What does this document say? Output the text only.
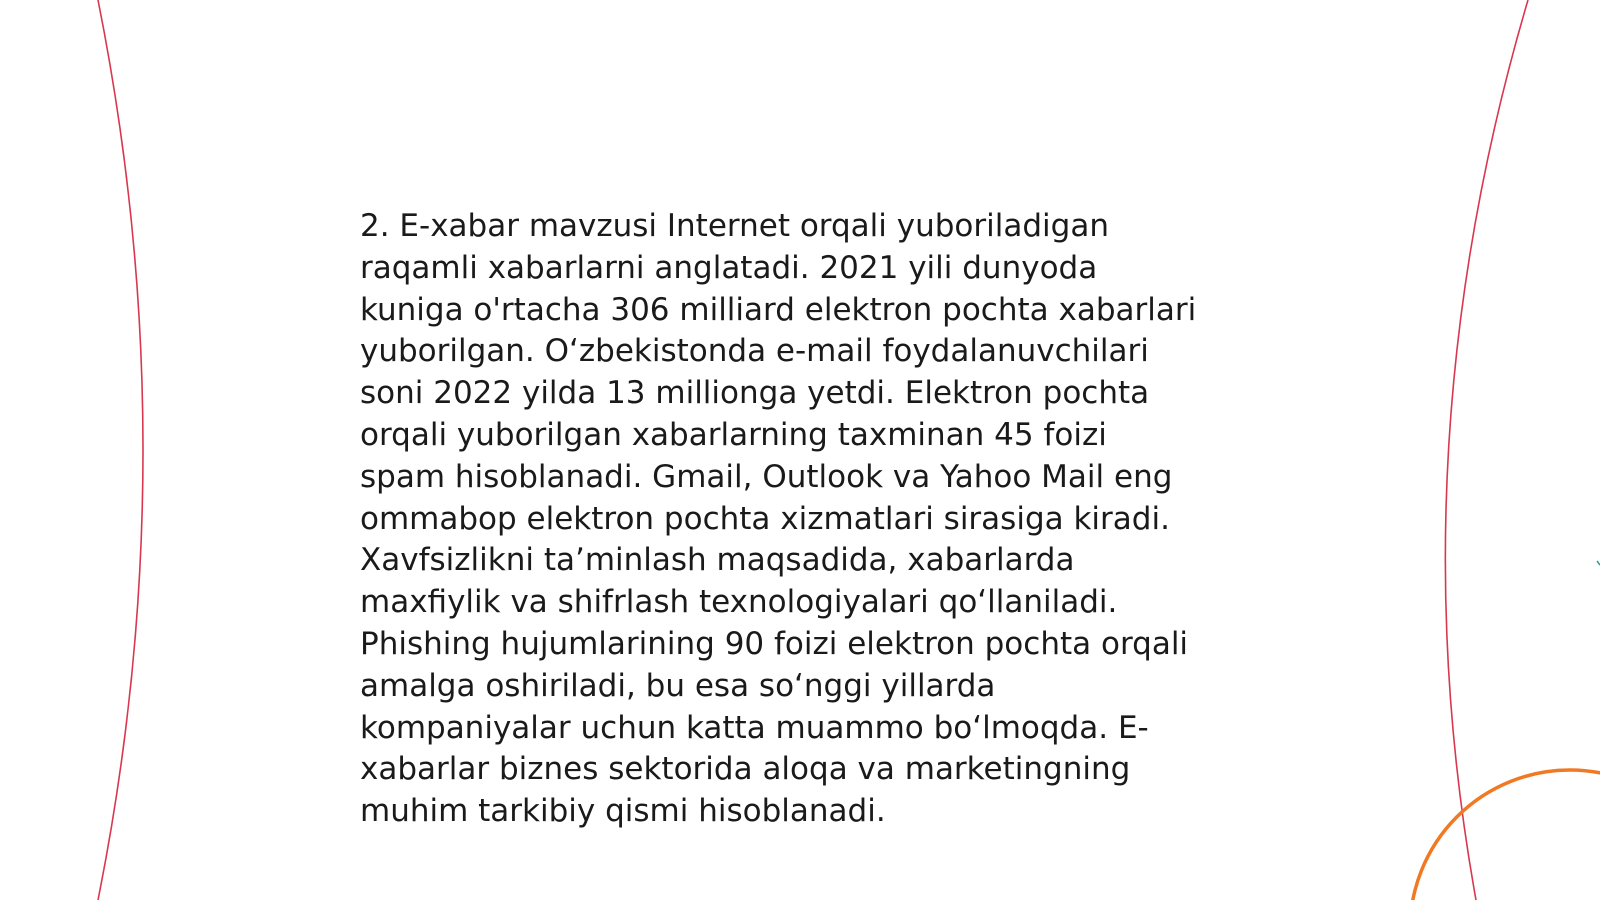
2. E-xabar mavzusi Internet orqali yuboriladigan
raqamli xabarlarni anglatadi. 2021 yili dunyoda
kuniga o'rtacha 306 milliard elektron pochta xabarlari
yuborilgan. O‘zbekistonda e-mail foydalanuvchilari
soni 2022 yilda 13 millionga yetdi. Elektron pochta
orqali yuborilgan xabarlarning taxminan 45 foizi
spam hisoblanadi. Gmail, Outlook va Yahoo Mail eng
ommabop elektron pochta xizmatlari sirasiga kiradi.
Xavfsizlikni ta’minlash maqsadida, xabarlarda
maxfiylik va shifrlash texnologiyalari qo‘llaniladi.
Phishing hujumlarining 90 foizi elektron pochta orqali
amalga oshiriladi, bu esa so‘nggi yillarda
kompaniyalar uchun katta muammo bo‘lmoqda. E-
xabarlar biznes sektorida aloqa va marketingning
muhim tarkibiy qismi hisoblanadi.
